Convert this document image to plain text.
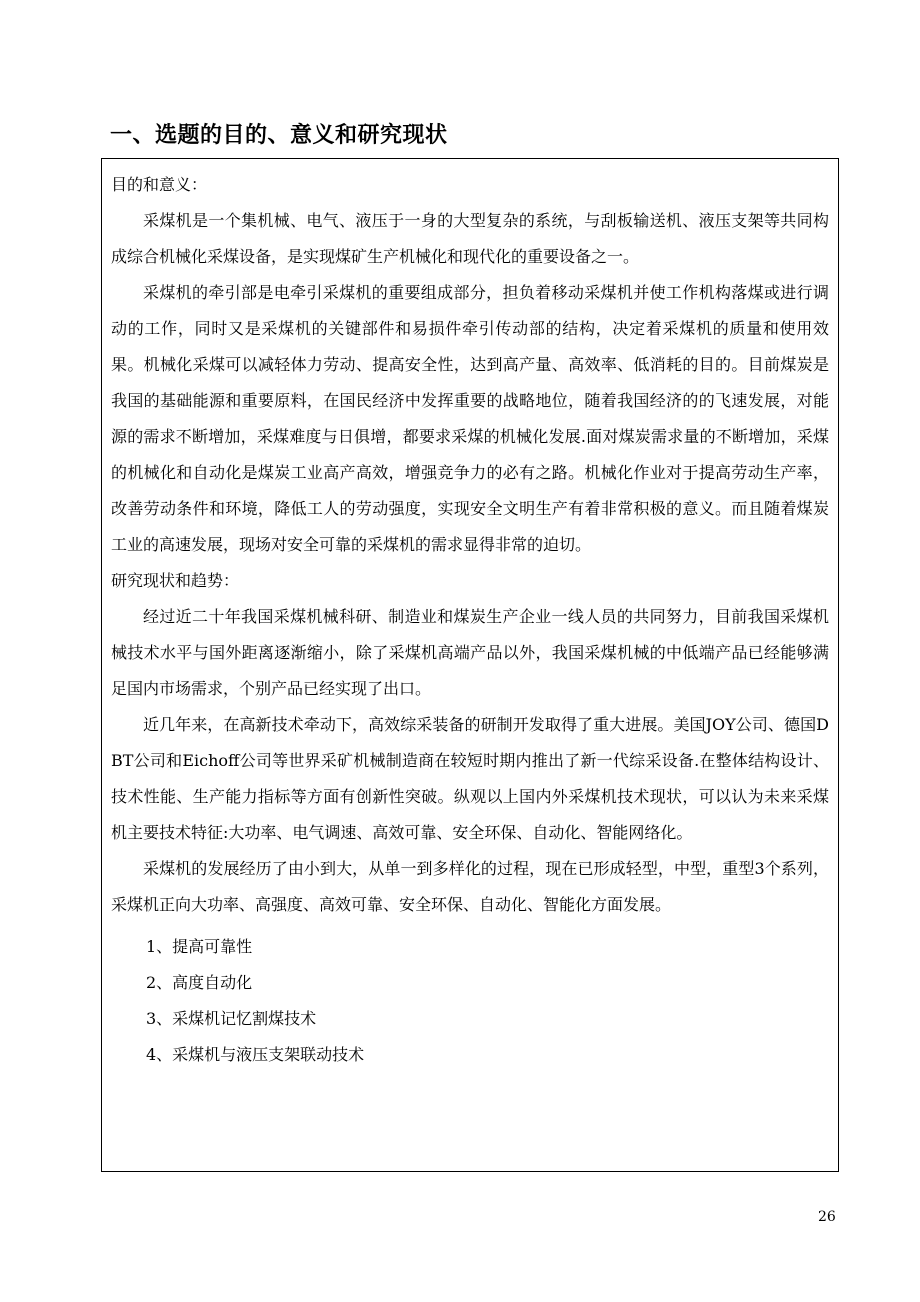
一、选题的目的、意义和研究现状

目的和意义：

采煤机是一个集机械、电气、液压于一身的大型复杂的系统，与刮板输送机、液压支架等共同构成综合机械化采煤设备，是实现煤矿生产机械化和现代化的重要设备之一。

采煤机的牵引部是电牵引采煤机的重要组成部分，担负着移动采煤机并使工作机构落煤或进行调动的工作，同时又是采煤机的关键部件和易损件牵引传动部的结构，决定着采煤机的质量和使用效果。机械化采煤可以减轻体力劳动、提高安全性，达到高产量、高效率、低消耗的目的。目前煤炭是我国的基础能源和重要原料，在国民经济中发挥重要的战略地位，随着我国经济的的飞速发展，对能源的需求不断增加，采煤难度与日俱增，都要求采煤的机械化发展.面对煤炭需求量的不断增加，采煤的机械化和自动化是煤炭工业高产高效，增强竞争力的必有之路。机械化作业对于提高劳动生产率，改善劳动条件和环境，降低工人的劳动强度，实现安全文明生产有着非常积极的意义。而且随着煤炭工业的高速发展，现场对安全可靠的采煤机的需求显得非常的迫切。

研究现状和趋势：

经过近二十年我国采煤机械科研、制造业和煤炭生产企业一线人员的共同努力，目前我国采煤机械技术水平与国外距离逐渐缩小，除了采煤机高端产品以外，我国采煤机械的中低端产品已经能够满足国内市场需求，个别产品已经实现了出口。

近几年来，在高新技术牵动下，高效综采装备的研制开发取得了重大进展。美国JOY公司、德国DBT公司和Eichoff公司等世界采矿机械制造商在较短时期内推出了新一代综采设备.在整体结构设计、技术性能、生产能力指标等方面有创新性突破。纵观以上国内外采煤机技术现状，可以认为未来采煤机主要技术特征:大功率、电气调速、高效可靠、安全环保、自动化、智能网络化。

采煤机的发展经历了由小到大，从单一到多样化的过程，现在已形成轻型，中型，重型3个系列，采煤机正向大功率、高强度、高效可靠、安全环保、自动化、智能化方面发展。

1、提高可靠性

2、高度自动化

3、采煤机记忆割煤技术

4、采煤机与液压支架联动技术

26
